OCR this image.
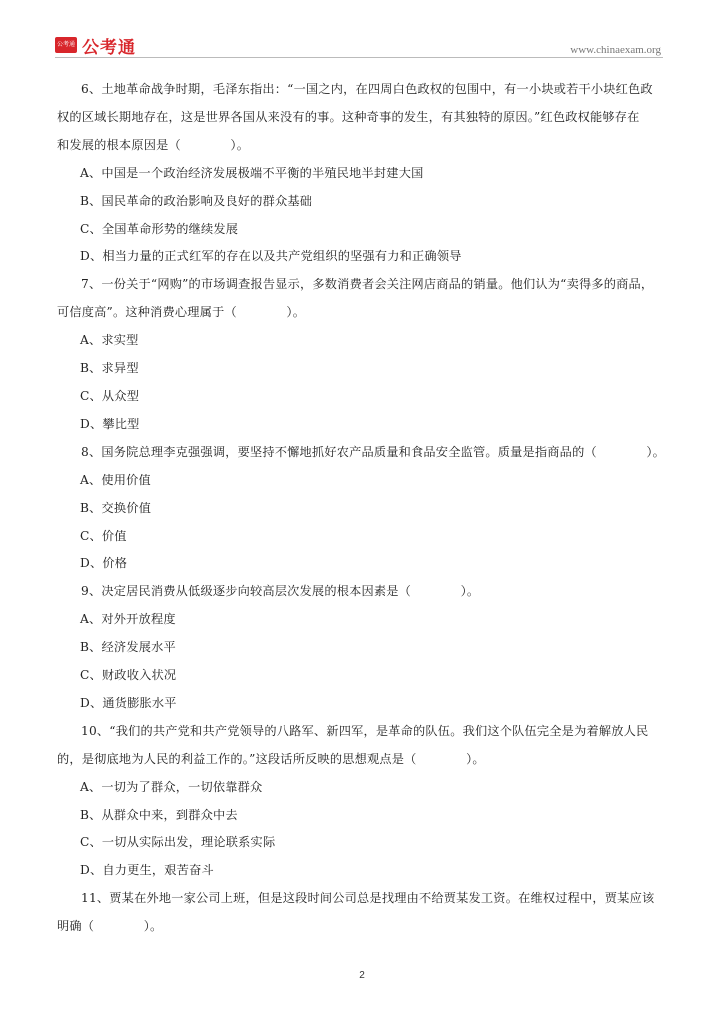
公考通 公考通	www.chinaexam.org
6、土地革命战争时期，毛泽东指出：“一国之内，在四周白色政权的包围中，有一小块或若干小块红色政
权的区域长期地存在，这是世界各国从来没有的事。这种奇事的发生，有其独特的原因。”红色政权能够存在
和发展的根本原因是（　　　　）。
A、中国是一个政治经济发展极端不平衡的半殖民地半封建大国
B、国民革命的政治影响及良好的群众基础
C、全国革命形势的继续发展
D、相当力量的正式红军的存在以及共产党组织的坚强有力和正确领导
7、一份关于“网购”的市场调查报告显示，多数消费者会关注网店商品的销量。他们认为“卖得多的商品，
可信度高”。这种消费心理属于（　　　　）。
A、求实型
B、求异型
C、从众型
D、攀比型
8、国务院总理李克强强调，要坚持不懈地抓好农产品质量和食品安全监管。质量是指商品的（　　　　）。
A、使用价值
B、交换价值
C、价值
D、价格
9、决定居民消费从低级逐步向较高层次发展的根本因素是（　　　　）。
A、对外开放程度
B、经济发展水平
C、财政收入状况
D、通货膨胀水平
10、“我们的共产党和共产党领导的八路军、新四军，是革命的队伍。我们这个队伍完全是为着解放人民
的，是彻底地为人民的利益工作的。”这段话所反映的思想观点是（　　　　）。
A、一切为了群众，一切依靠群众
B、从群众中来，到群众中去
C、一切从实际出发，理论联系实际
D、自力更生，艰苦奋斗
11、贾某在外地一家公司上班，但是这段时间公司总是找理由不给贾某发工资。在维权过程中，贾某应该
明确（　　　　）。
2
